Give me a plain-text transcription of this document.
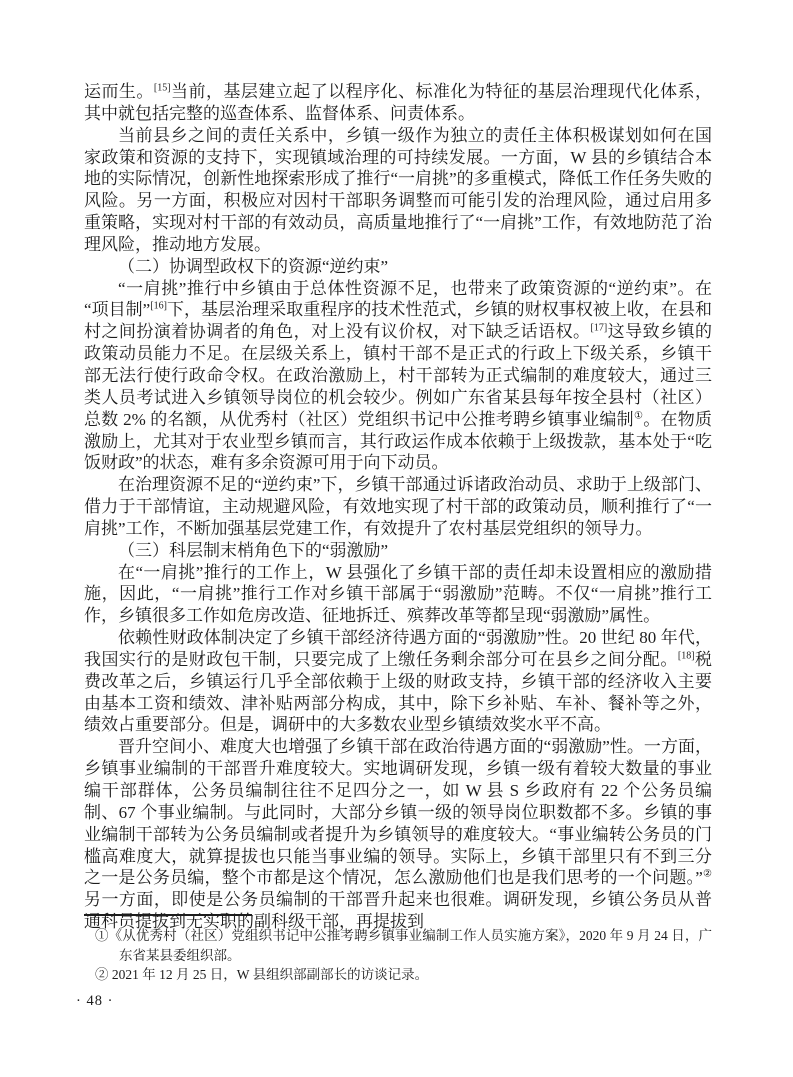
运而生。[15]当前，基层建立起了以程序化、标准化为特征的基层治理现代化体系，其中就包括完整的巡查体系、监督体系、问责体系。

当前县乡之间的责任关系中，乡镇一级作为独立的责任主体积极谋划如何在国家政策和资源的支持下，实现镇域治理的可持续发展。一方面，W 县的乡镇结合本地的实际情况，创新性地探索形成了推行“一肩挑”的多重模式，降低工作任务失败的风险。另一方面，积极应对因村干部职务调整而可能引发的治理风险，通过启用多重策略，实现对村干部的有效动员，高质量地推行了“一肩挑”工作，有效地防范了治理风险，推动地方发展。

（二）协调型政权下的资源“逆约束”

“一肩挑”推行中乡镇由于总体性资源不足，也带来了政策资源的“逆约束”。在“项目制”[16]下，基层治理采取重程序的技术性范式，乡镇的财权事权被上收，在县和村之间扮演着协调者的角色，对上没有议价权，对下缺乏话语权。[17]这导致乡镇的政策动员能力不足。在层级关系上，镇村干部不是正式的行政上下级关系，乡镇干部无法行使行政命令权。在政治激励上，村干部转为正式编制的难度较大，通过三类人员考试进入乡镇领导岗位的机会较少。例如广东省某县每年按全县村（社区）总数 2% 的名额，从优秀村（社区）党组织书记中公推考聘乡镇事业编制①。在物质激励上，尤其对于农业型乡镇而言，其行政运作成本依赖于上级拨款，基本处于“吃饭财政”的状态，难有多余资源可用于向下动员。

在治理资源不足的“逆约束”下，乡镇干部通过诉诸政治动员、求助于上级部门、借力于干部情谊，主动规避风险，有效地实现了村干部的政策动员，顺利推行了“一肩挑”工作，不断加强基层党建工作，有效提升了农村基层党组织的领导力。

（三）科层制末梢角色下的“弱激励”

在“一肩挑”推行的工作上，W 县强化了乡镇干部的责任却未设置相应的激励措施，因此，“一肩挑”推行工作对乡镇干部属于“弱激励”范畴。不仅“一肩挑”推行工作，乡镇很多工作如危房改造、征地拆迁、殡葬改革等都呈现“弱激励”属性。

依赖性财政体制决定了乡镇干部经济待遇方面的“弱激励”性。20 世纪 80 年代，我国实行的是财政包干制，只要完成了上缴任务剩余部分可在县乡之间分配。[18]税费改革之后，乡镇运行几乎全部依赖于上级的财政支持，乡镇干部的经济收入主要由基本工资和绩效、津补贴两部分构成，其中，除下乡补贴、车补、餐补等之外，绩效占重要部分。但是，调研中的大多数农业型乡镇绩效奖水平不高。

晋升空间小、难度大也增强了乡镇干部在政治待遇方面的“弱激励”性。一方面，乡镇事业编制的干部晋升难度较大。实地调研发现，乡镇一级有着较大数量的事业编干部群体，公务员编制往往不足四分之一，如 W 县 S 乡政府有 22 个公务员编制、67 个事业编制。与此同时，大部分乡镇一级的领导岗位职数都不多。乡镇的事业编制干部转为公务员编制或者提升为乡镇领导的难度较大。“事业编转公务员的门槛高难度大，就算提拔也只能当事业编的领导。实际上，乡镇干部里只有不到三分之一是公务员编，整个市都是这个情况，怎么激励他们也是我们思考的一个问题。”②另一方面，即使是公务员编制的干部晋升起来也很难。调研发现，乡镇公务员从普通科员提拔到无实职的副科级干部，再提拔到

①《从优秀村（社区）党组织书记中公推考聘乡镇事业编制工作人员实施方案》，2020 年 9 月 24 日，广东省某县委组织部。

② 2021 年 12 月 25 日，W 县组织部副部长的访谈记录。

· 48 ·
